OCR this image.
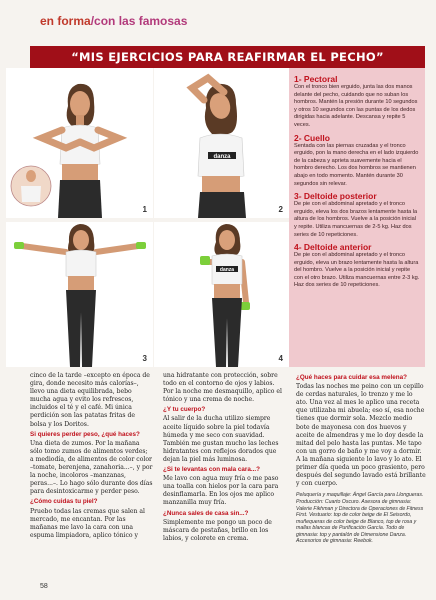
en forma/con las famosas
“MIS EJERCICIOS PARA REAFIRMAR EL PECHO”
1
danza
2
3
danza
4
1- Pectoral
Con el tronco bien erguido, junta las dos manos delante del pecho, cuidando que no suban los hombros. Mantén la presión durante 10 segundos y otros 10 segundos con las puntas de los dedos dirigidas hacia adelante. Descansa y repite 5 veces.
2- Cuello
Sentada con las piernas cruzadas y el tronco erguido, pon la mano derecha en el lado izquierdo de la cabeza y aprieta suavemente hacia el hombro derecho. Los dos hombros se mantienen abajo en todo momento. Mantén durante 30 segundos sin relevar.
3- Deltoide posterior
De pie con el abdominal apretado y el tronco erguido, eleva los dos brazos lentamente hasta la altura de los hombros. Vuelve a la posición inicial y repite. Utiliza mancuernas de 2-5 kg. Haz dos series de 10 repeticiones.
4- Deltoide anterior
De pie con el abdominal apretado y el tronco erguido, eleva un brazo lentamente hasta la altura del hombro. Vuelve a la posición inicial y repite con el otro brazo. Utiliza mancuernas entre 2-3 kg. Haz dos series de 10 repeticiones.

cinco de la tarde –excepto en época de gira, donde necesito más calorías–, llevo una dieta equilibrada, bebo mucha agua y evito los refrescos, incluidos el té y el café. Mi única perdición son las patatas fritas de bolsa y los Doritos.

Si quieres perder peso, ¿qué haces?

Una dieta de zumos. Por la mañana sólo tomo zumos de alimentos verdes; a mediodía, de alimentos de color color –tomate, berenjena, zanahoria...–, y por la noche, incoloros –manzanas, peras...–. Lo hago sólo durante dos días para desintoxicarme y perder peso.

¿Cómo cuidas tu piel?

Pruebo todas las cremas que salen al mercado, me encantan. Por las mañanas me lavo la cara con una espuma limpiadora, aplico tónico y

una hidratante con protección, sobre todo en el contorno de ojos y labios. Por la noche me desmaquillo, aplico el tónico y una crema de noche.

¿Y tu cuerpo?

Al salir de la ducha utilizo siempre aceite líquido sobre la piel todavía húmeda y me seco con suavidad. También me gustan mucho las leches hidratantes con reflejos dorados que dejan la piel más luminosa.

¿Si te levantas con mala cara...?

Me lavo con agua muy fría o me paso una toalla con hielos por la cara para desinflamarla. En los ojos me aplico manzanilla muy fría.

¿Nunca sales de casa sin...?

Simplemente me pongo un poco de máscara de pestañas, brillo en los labios, y colorete en crema.

¿Qué haces para cuidar esa melena?

Todas las noches me peino con un cepillo de cerdas naturales, lo trenzo y me lo ato. Una vez al mes le aplico una receta que utilizaba mi abuela; eso sí, esa noche tienes que dormir sola. Mezclo medio bote de mayonesa con dos huevos y aceite de almendras y me lo doy desde la mitad del pelo hasta las puntas. Me tapo con un gorro de baño y me voy a dormir. A la mañana siguiente lo lavo y lo ato. El primer día queda un poco grasiento, pero después del segundo lavado está brillante y con cuerpo.

Peluquería y maquillaje: Ángel García para Llongueras. Producción: Cuarto Oscuro. Asesora de gimnasia: Valerie Fikhman y Directora de Operaciones de Fitness First. Vestuario: top de color beige de El Seisordo, muñequeras de color beige de Blanco, top de rosa y mallas blancas de Purificación García. Todo de gimnasia: top y pantalón de Dimensione Danza. Accesorios de gimnasia: Reebok.

58
